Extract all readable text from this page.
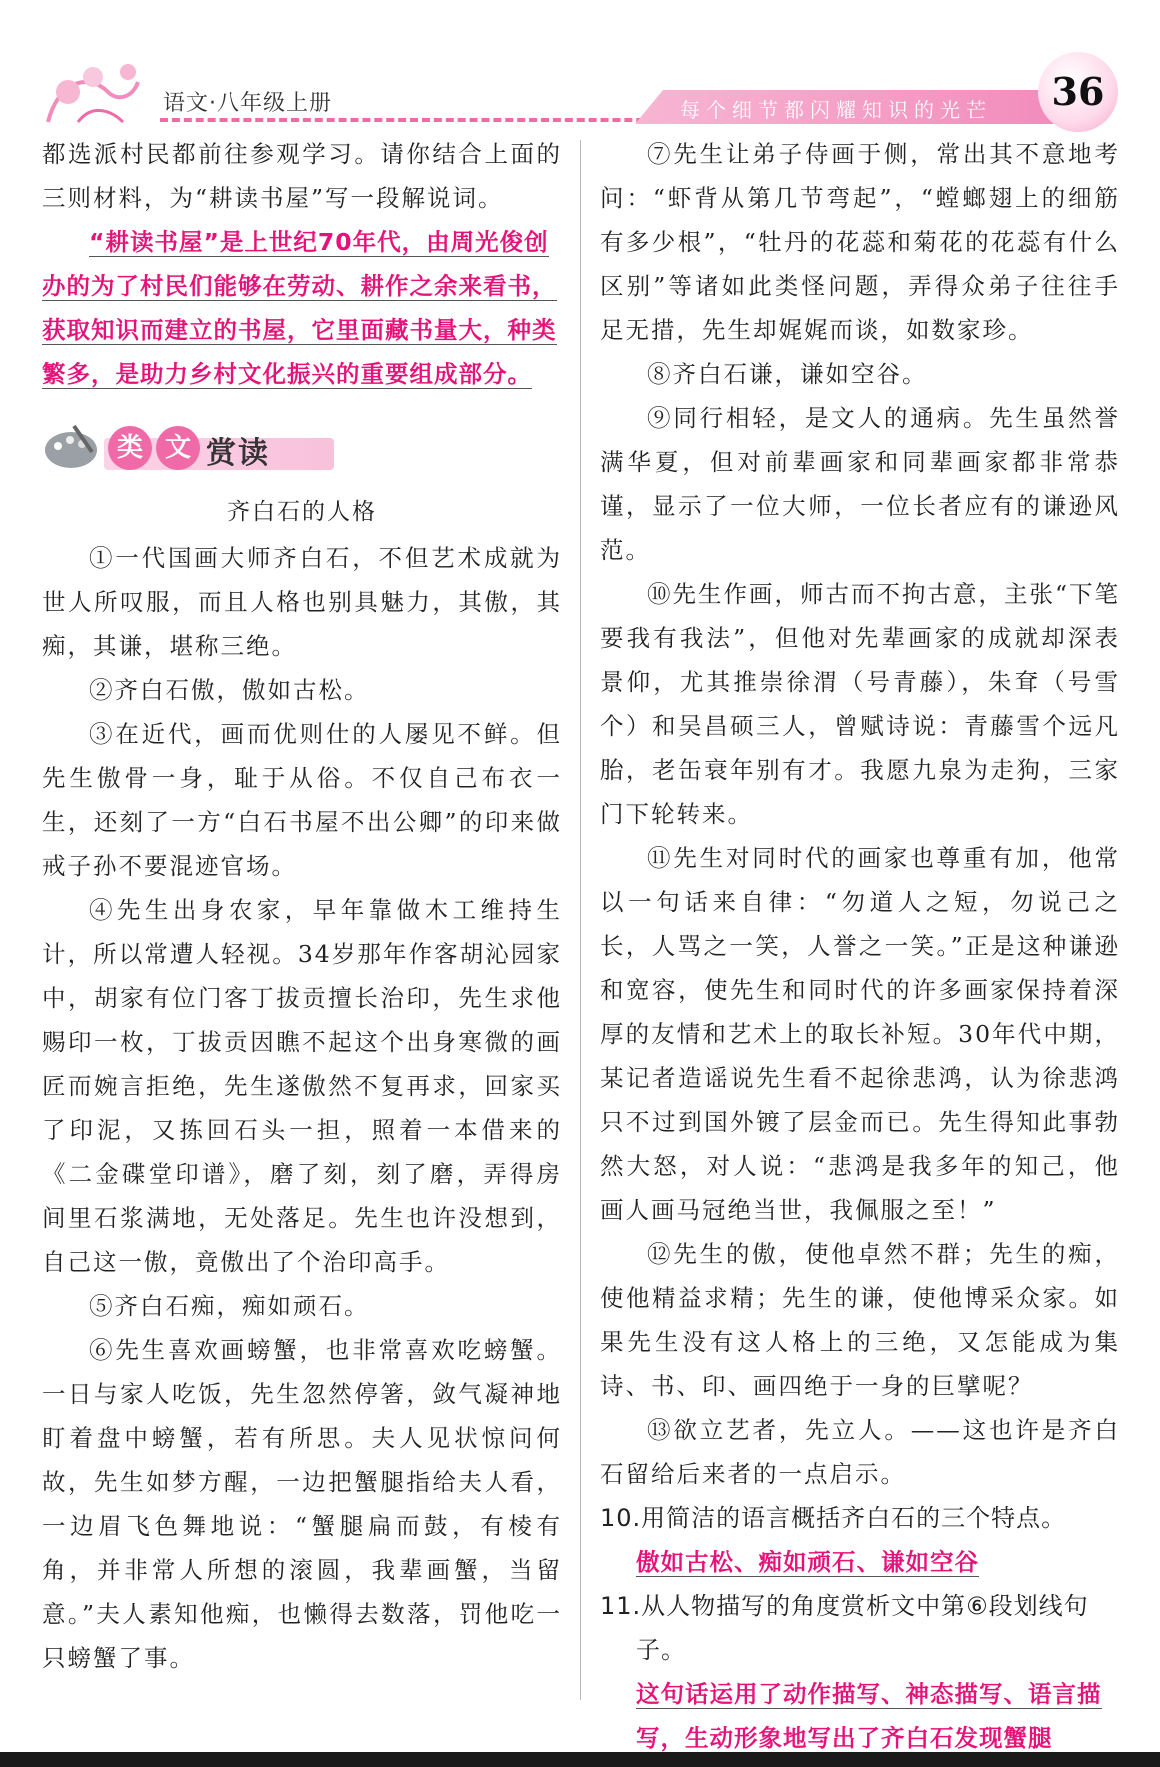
语文·八年级上册	每个细节都闪耀知识的光芒	36

都选派村民都前往参观学习。请你结合上面的三则材料，为“耕读书屋”写一段解说词。

“耕读书屋”是上世纪70年代，由周光俊创办的为了村民们能够在劳动、耕作之余来看书，获取知识而建立的书屋，它里面藏书量大，种类繁多，是助力乡村文化振兴的重要组成部分。

类 文 赏读
齐白石的人格

①一代国画大师齐白石，不但艺术成就为世人所叹服，而且人格也别具魅力，其傲，其痴，其谦，堪称三绝。

②齐白石傲，傲如古松。

③在近代，画而优则仕的人屡见不鲜。但先生傲骨一身，耻于从俗。不仅自己布衣一生，还刻了一方“白石书屋不出公卿”的印来做戒子孙不要混迹官场。

④先生出身农家，早年靠做木工维持生计，所以常遭人轻视。34岁那年作客胡沁园家中，胡家有位门客丁拔贡擅长治印，先生求他赐印一枚，丁拔贡因瞧不起这个出身寒微的画匠而婉言拒绝，先生遂傲然不复再求，回家买了印泥，又拣回石头一担，照着一本借来的《二金碟堂印谱》，磨了刻，刻了磨，弄得房间里石浆满地，无处落足。先生也许没想到，自己这一傲，竟傲出了个治印高手。

⑤齐白石痴，痴如顽石。

⑥先生喜欢画螃蟹，也非常喜欢吃螃蟹。一日与家人吃饭，先生忽然停箸，敛气凝神地盯着盘中螃蟹，若有所思。夫人见状惊问何故，先生如梦方醒，一边把蟹腿指给夫人看，一边眉飞色舞地说：“蟹腿扁而鼓，有棱有角，并非常人所想的滚圆，我辈画蟹，当留意。”夫人素知他痴，也懒得去数落，罚他吃一只螃蟹了事。

⑦先生让弟子侍画于侧，常出其不意地考问：“虾背从第几节弯起”，“螳螂翅上的细筋有多少根”，“牡丹的花蕊和菊花的花蕊有什么区别”等诸如此类怪问题，弄得众弟子往往手足无措，先生却娓娓而谈，如数家珍。

⑧齐白石谦，谦如空谷。

⑨同行相轻，是文人的通病。先生虽然誉满华夏，但对前辈画家和同辈画家都非常恭谨，显示了一位大师，一位长者应有的谦逊风范。

⑩先生作画，师古而不拘古意，主张“下笔要我有我法”，但他对先辈画家的成就却深表景仰，尤其推崇徐渭（号青藤），朱耷（号雪个）和吴昌硕三人，曾赋诗说：青藤雪个远凡胎，老缶衰年别有才。我愿九泉为走狗，三家门下轮转来。

⑪先生对同时代的画家也尊重有加，他常以一句话来自律：“勿道人之短，勿说己之长，人骂之一笑，人誉之一笑。”正是这种谦逊和宽容，使先生和同时代的许多画家保持着深厚的友情和艺术上的取长补短。30年代中期，某记者造谣说先生看不起徐悲鸿，认为徐悲鸿只不过到国外镀了层金而已。先生得知此事勃然大怒，对人说：“悲鸿是我多年的知己，他画人画马冠绝当世，我佩服之至！”

⑫先生的傲，使他卓然不群；先生的痴，使他精益求精；先生的谦，使他博采众家。如果先生没有这人格上的三绝，又怎能成为集诗、书、印、画四绝于一身的巨擘呢？

⑬欲立艺者，先立人。——这也许是齐白石留给后来者的一点启示。

10.用简洁的语言概括齐白石的三个特点。

傲如古松、痴如顽石、谦如空谷

11.从人物描写的角度赏析文中第⑥段划线句子。

这句话运用了动作描写、神态描写、语言描写，生动形象地写出了齐白石发现蟹腿
